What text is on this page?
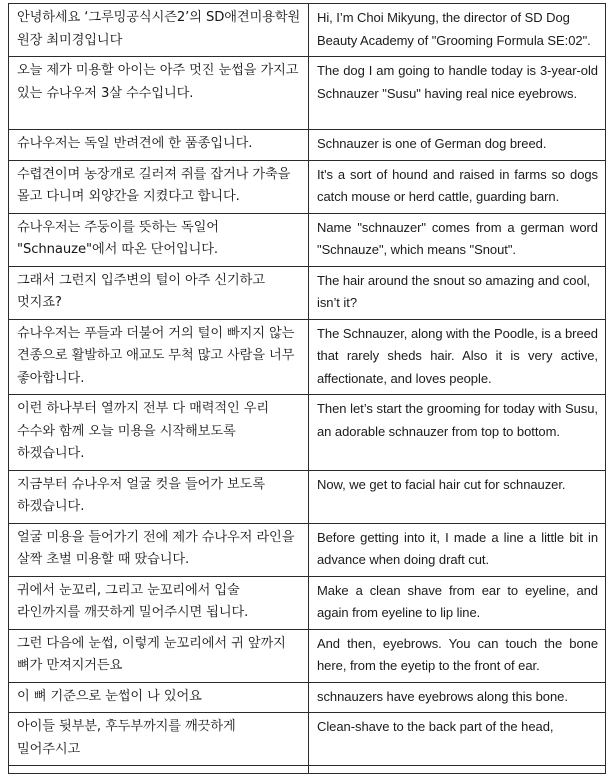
안녕하세요 ‘그루밍공식시즌2’의 SD애견미용학원 원장 최미경입니다	Hi, I’m Choi Mikyung, the director of SD Dog Beauty Academy of "Grooming Formula SE:02".

오늘 제가 미용할 아이는 아주 멋진 눈썹을 가지고 있는 슈나우저 3살 수수입니다.	The dog I am going to handle today is 3-year-old Schnauzer "Susu" having real nice eyebrows.

슈나우저는 독일 반려견에 한 품종입니다.	Schnauzer is one of German dog breed.

수렵견이며 농장개로 길러져 쥐를 잡거나 가축을 몰고 다니며 외양간을 지켰다고 합니다.	It's a sort of hound and raised in farms so dogs catch mouse or herd cattle, guarding barn.

슈나우저는 주둥이를 뜻하는 독일어 "Schnauze"에서 따온 단어입니다.	Name "schnauzer" comes from a german word "Schnauze", which means "Snout".

그래서 그런지 입주변의 털이 아주 신기하고 멋지죠?	The hair around the snout so amazing and cool, isn’t it?

슈나우저는 푸들과 더불어 거의 털이 빠지지 않는 견종으로 활발하고 애교도 무척 많고 사람을 너무 좋아합니다.	The Schnauzer, along with the Poodle, is a breed that rarely sheds hair. Also it is very active, affectionate, and loves people.

이런 하나부터 열까지 전부 다 매력적인 우리 수수와 함께 오늘 미용을 시작해보도록 하겠습니다.	Then let’s start the grooming for today with Susu, an adorable schnauzer from top to bottom.

지금부터 슈나우저 얼굴 컷을 들어가 보도록 하겠습니다.	Now, we get to facial hair cut for schnauzer.

얼굴 미용을 들어가기 전에 제가 슈나우저 라인을 살짝 초벌 미용할 때 땄습니다.	Before getting into it, I made a line a little bit in advance when doing draft cut.

귀에서 눈꼬리, 그리고 눈꼬리에서 입술 라인까지를 깨끗하게 밀어주시면 됩니다.	Make a clean shave from ear to eyeline, and again from eyeline to lip line.

그런 다음에 눈썹, 이렇게 눈꼬리에서 귀 앞까지 뼈가 만져지거든요	And then, eyebrows. You can touch the bone here, from the eyetip to the front of ear.

이 뼈 기준으로 눈썹이 나 있어요	schnauzers have eyebrows along this bone.

아이들 뒷부분, 후두부까지를 깨끗하게 밀어주시고	Clean-shave to the back part of the head,
